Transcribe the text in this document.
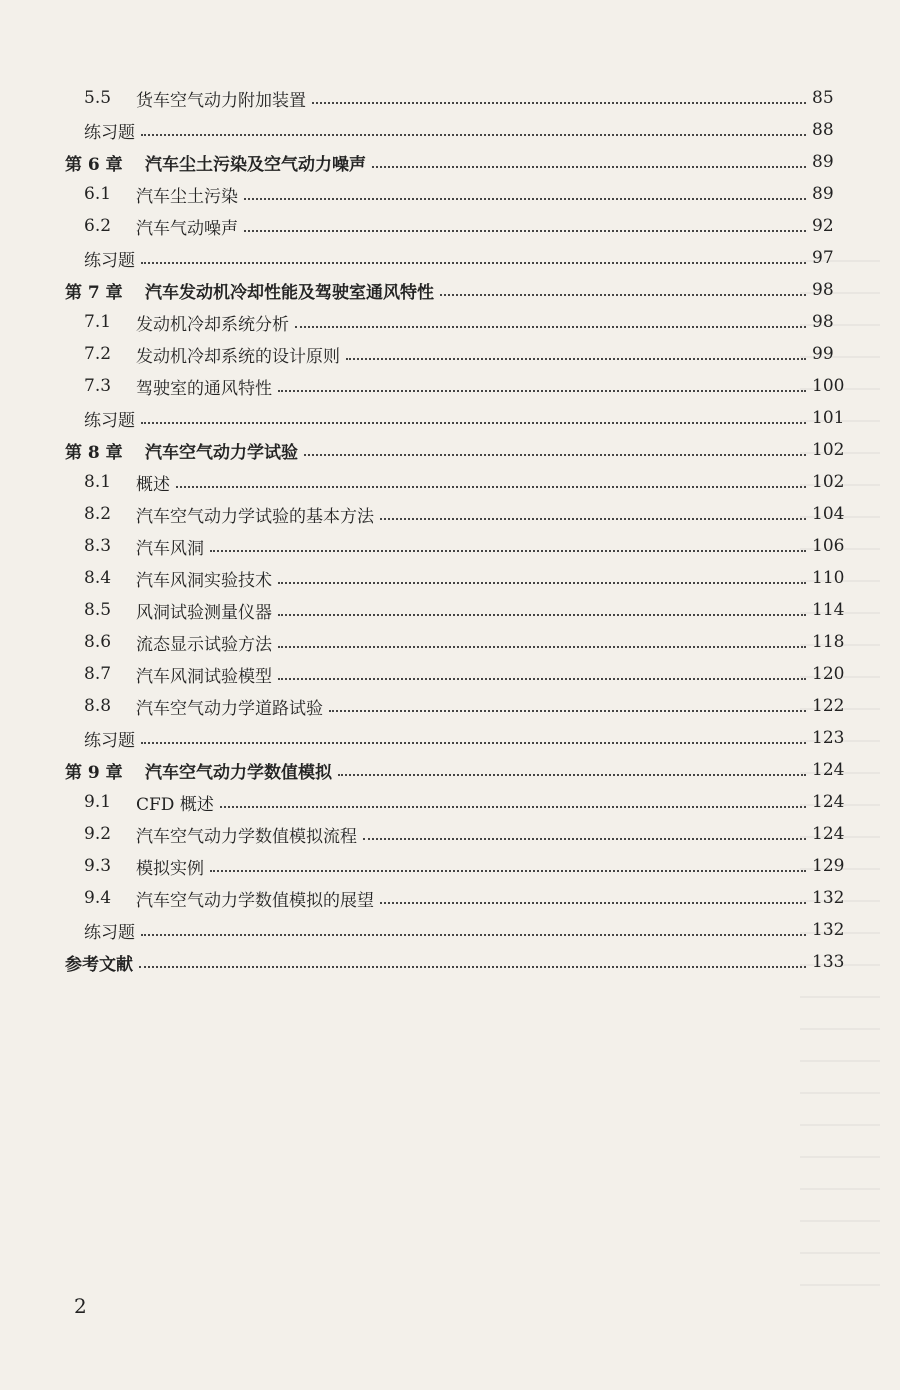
5.5	货车空气动力附加装置	85
练习题	88
第 6 章	汽车尘土污染及空气动力噪声	89
6.1	汽车尘土污染	89
6.2	汽车气动噪声	92
练习题	97
第 7 章	汽车发动机冷却性能及驾驶室通风特性	98
7.1	发动机冷却系统分析	98
7.2	发动机冷却系统的设计原则	99
7.3	驾驶室的通风特性	100
练习题	101
第 8 章	汽车空气动力学试验	102
8.1	概述	102
8.2	汽车空气动力学试验的基本方法	104
8.3	汽车风洞	106
8.4	汽车风洞实验技术	110
8.5	风洞试验测量仪器	114
8.6	流态显示试验方法	118
8.7	汽车风洞试验模型	120
8.8	汽车空气动力学道路试验	122
练习题	123
第 9 章	汽车空气动力学数值模拟	124
9.1	CFD 概述	124
9.2	汽车空气动力学数值模拟流程	124
9.3	模拟实例	129
9.4	汽车空气动力学数值模拟的展望	132
练习题	132
参考文献	133
2
